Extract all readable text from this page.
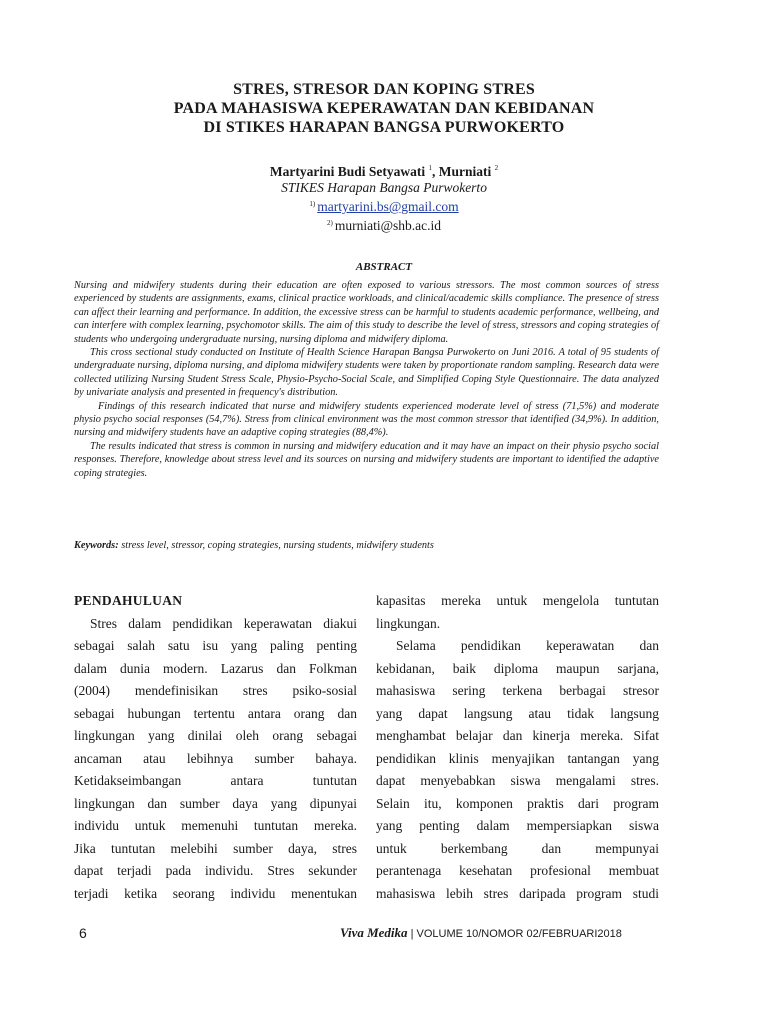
STRES, STRESOR DAN KOPING STRES
PADA MAHASISWA KEPERAWATAN DAN KEBIDANAN
DI STIKES HARAPAN BANGSA PURWOKERTO
Martyarini Budi Setyawati $^1$, Murniati $^2$
STIKES Harapan Bangsa Purwokerto
$^{1)}$ martyarini.bs@gmail.com
$^{2)}$ murniati@shb.ac.id
ABSTRACT

Nursing and midwifery students during their education are often exposed to various stressors. The most common sources of stress experienced by students are assignments, exams, clinical practice workloads, and clinical/academic skills compliance. The presence of stress can affect their learning and performance. In addition, the excessive stress can be harmful to students academic performance, wellbeing, and can interfere with complex learning, psychomotor skills. The aim of this study to describe the level of stress, stressors and coping strategies of students who undergoing undergraduate nursing, nursing diploma and midwifery diploma.

This cross sectional study conducted on Institute of Health Science Harapan Bangsa Purwokerto on Juni 2016. A total of 95 students of undergraduate nursing, diploma nursing, and diploma midwifery students were taken by proportionate random sampling. Research data were collected utilizing Nursing Student Stress Scale, Physio-Psycho-Social Scale, and Simplified Coping Style Questionnaire. The data analyzed by univariate analysis and presented in frequency's distribution.

Findings of this research indicated that nurse and midwifery students experienced moderate level of stress (71,5%) and moderate physio psycho social responses (54,7%). Stress from clinical environment was the most common stressor that identified (34,9%). In addition, nursing and midwifery students have an adaptive coping strategies (88,4%).

The results indicated that stress is common in nursing and midwifery education and it may have an impact on their physio psycho social responses. Therefore, knowledge about stress level and its sources on nursing and midwifery students are important to identified the adaptive coping strategies.

Keywords: stress level, stressor, coping strategies, nursing students, midwifery students
PENDAHULUAN
Stres dalam pendidikan keperawatan diakui
sebagai salah satu isu yang paling penting
dalam dunia modern. Lazarus dan Folkman
(2004) mendefinisikan stres psiko-sosial
sebagai hubungan tertentu antara orang dan
lingkungan yang dinilai oleh orang sebagai
ancaman atau lebihnya sumber bahaya.
Ketidakseimbangan antara tuntutan
lingkungan dan sumber daya yang dipunyai
individu untuk memenuhi tuntutan mereka.
Jika tuntutan melebihi sumber daya, stres
dapat terjadi pada individu. Stres sekunder
terjadi ketika seorang individu menentukan
kapasitas mereka untuk mengelola tuntutan
lingkungan.
Selama pendidikan keperawatan dan
kebidanan, baik diploma maupun sarjana,
mahasiswa sering terkena berbagai stresor
yang dapat langsung atau tidak langsung
menghambat belajar dan kinerja mereka. Sifat
pendidikan klinis menyajikan tantangan yang
dapat menyebabkan siswa mengalami stres.
Selain itu, komponen praktis dari program
yang penting dalam mempersiapkan siswa
untuk berkembang dan mempunyai
perantenaga kesehatan profesional membuat
mahasiswa lebih stres daripada program studi
6	Viva Medika | VOLUME 10/NOMOR 02/FEBRUARI2018
